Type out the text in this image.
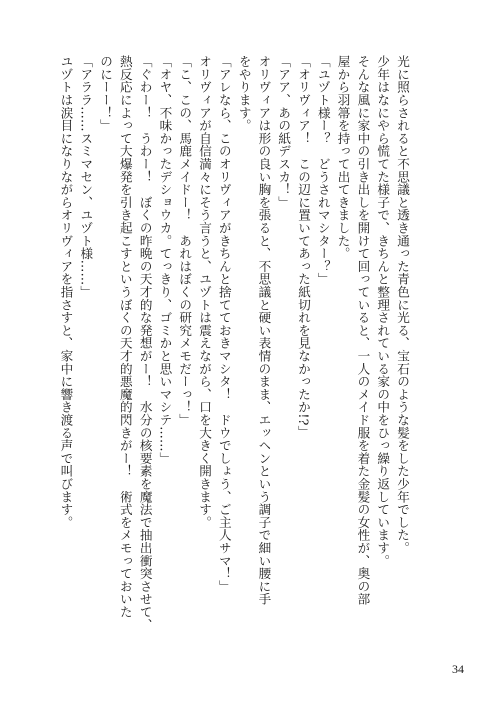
光に照らされると不思議と透き通った青色に光る、宝石のような髪をした少年でした。
少年はなにやら慌てた様子で、きちんと整理されている家の中をひっ繰り返しています。
そんな風に家中の引き出しを開けて回っていると、一人のメイド服を着た金髪の女性が、奥の部
屋から羽箒を持って出てきました。
「ユヅト様ー？　どうされマシター？」
「オリヴィア！　この辺に置いてあった紙切れを見なかったか!?」
「アア、あの紙デスカ！」
オリヴィアは形の良い胸を張ると、不思議と硬い表情のまま、エッヘンという調子で細い腰に手
をやります。
「アレなら、このオリヴィアがきちんと捨てておきマシタ！　ドウでしょう、ご主人サマ！」
オリヴィアが自信満々にそう言うと、ユヅトは震えながら、口を大きく開きます。
「こ、この、馬鹿メイドー！　あれはぼくの研究メモだーっ！」
「オヤ、不味かったデショウカ。てっきり、ゴミかと思いマシテ……」
「ぐわー！　うわー！　ぼくの昨晩の天才的な発想がー！　水分の核要素を魔法で抽出衝突させて、
熱反応によって大爆発を引き起こすというぼくの天才的悪魔的閃きがー！　術式をメモっておいた
のにーー！」
「アララ……スミマセン、ユヅト様……」
ユヅトは涙目になりながらオリヴィアを指さすと、家中に響き渡る声で叫びます。
34
